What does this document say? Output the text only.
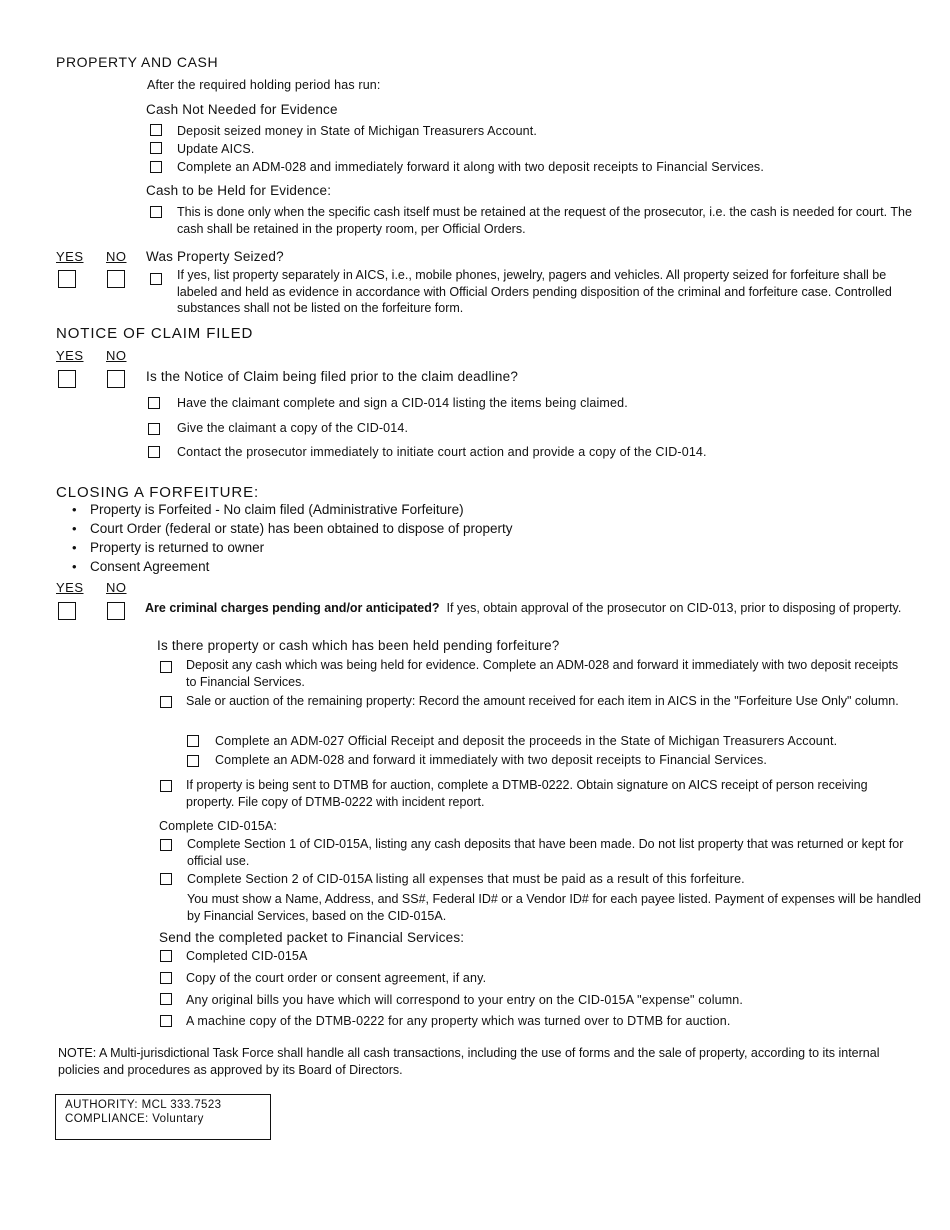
PROPERTY AND CASH
After the required holding period has run:
Cash Not Needed for Evidence
Deposit seized money in State of Michigan Treasurers Account.
Update AICS.
Complete an ADM-028 and immediately forward it along with two deposit receipts to Financial Services.
Cash to be Held for Evidence:
This is done only when the specific cash itself must be retained at the request of the prosecutor, i.e. the cash is needed for court. The cash shall be retained in the property room, per Official Orders.
YES NO Was Property Seized?
If yes, list property separately in AICS, i.e., mobile phones, jewelry, pagers and vehicles. All property seized for forfeiture shall be labeled and held as evidence in accordance with Official Orders pending disposition of the criminal and forfeiture case. Controlled substances shall not be listed on the forfeiture form.
NOTICE OF CLAIM FILED
YES NO
Is the Notice of Claim being filed prior to the claim deadline?
Have the claimant complete and sign a CID-014 listing the items being claimed.
Give the claimant a copy of the CID-014.
Contact the prosecutor immediately to initiate court action and provide a copy of the CID-014.
CLOSING A FORFEITURE:
• Property is Forfeited - No claim filed (Administrative Forfeiture)
• Court Order (federal or state) has been obtained to dispose of property
• Property is returned to owner
• Consent Agreement
YES NO
Are criminal charges pending and/or anticipated? If yes, obtain approval of the prosecutor on CID-013, prior to disposing of property.
Is there property or cash which has been held pending forfeiture?
Deposit any cash which was being held for evidence. Complete an ADM-028 and forward it immediately with two deposit receipts to Financial Services.
Sale or auction of the remaining property: Record the amount received for each item in AICS in the "Forfeiture Use Only" column.
Complete an ADM-027 Official Receipt and deposit the proceeds in the State of Michigan Treasurers Account.
Complete an ADM-028 and forward it immediately with two deposit receipts to Financial Services.
If property is being sent to DTMB for auction, complete a DTMB-0222. Obtain signature on AICS receipt of person receiving property. File copy of DTMB-0222 with incident report.
Complete CID-015A:
Complete Section 1 of CID-015A, listing any cash deposits that have been made. Do not list property that was returned or kept for official use.
Complete Section 2 of CID-015A listing all expenses that must be paid as a result of this forfeiture.
You must show a Name, Address, and SS#, Federal ID# or a Vendor ID# for each payee listed. Payment of expenses will be handled by Financial Services, based on the CID-015A.
Send the completed packet to Financial Services:
Completed CID-015A
Copy of the court order or consent agreement, if any.
Any original bills you have which will correspond to your entry on the CID-015A "expense" column.
A machine copy of the DTMB-0222 for any property which was turned over to DTMB for auction.
NOTE: A Multi-jurisdictional Task Force shall handle all cash transactions, including the use of forms and the sale of property, according to its internal policies and procedures as approved by its Board of Directors.
AUTHORITY: MCL 333.7523
COMPLIANCE: Voluntary
